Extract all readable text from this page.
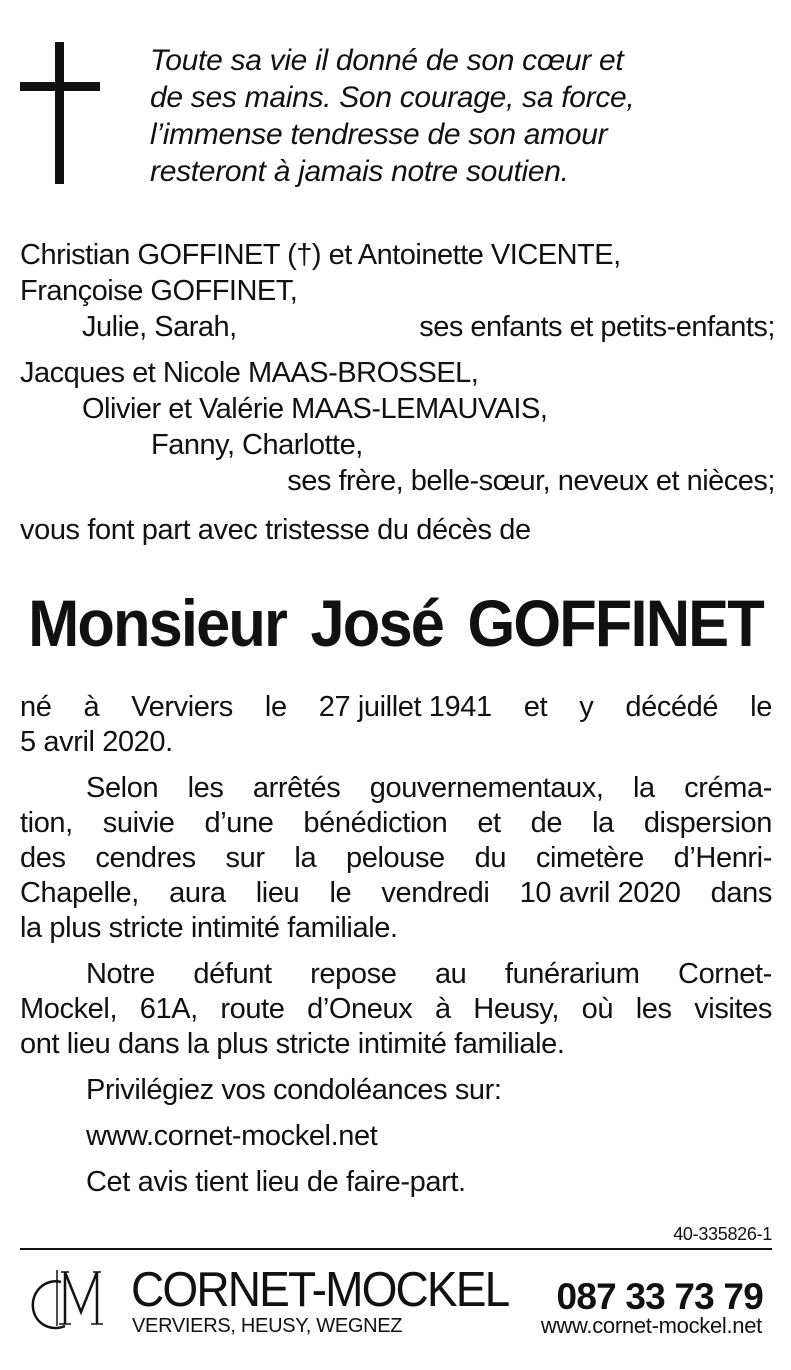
Toute sa vie il donné de son cœur et
de ses mains. Son courage, sa force,
l’immense tendresse de son amour
resteront à jamais notre soutien.
Christian GOFFINET (†) et Antoinette VICENTE,
Françoise GOFFINET,
Julie, Sarah,	ses enfants et petits-enfants;
Jacques et Nicole MAAS-BROSSEL,
Olivier et Valérie MAAS-LEMAUVAIS,
Fanny, Charlotte,
ses frère, belle-sœur, neveux et nièces;
vous font part avec tristesse du décès de
Monsieur José GOFFINET
né à Verviers le 27 juillet 1941 et y décédé le
5 avril 2020.
Selon les arrêtés gouvernementaux, la créma-
tion, suivie d’une bénédiction et de la dispersion
des cendres sur la pelouse du cimetère d’Henri-
Chapelle, aura lieu le vendredi 10 avril 2020 dans
la plus stricte intimité familiale.
Notre défunt repose au funérarium Cornet-
Mockel, 61A, route d’Oneux à Heusy, où les visites
ont lieu dans la plus stricte intimité familiale.
Privilégiez vos condoléances sur:
www.cornet-mockel.net
Cet avis tient lieu de faire-part.
40-335826-1
CORNET-MOCKEL 087 33 73 79
VERVIERS, HEUSY, WEGNEZ	www.cornet-mockel.net
